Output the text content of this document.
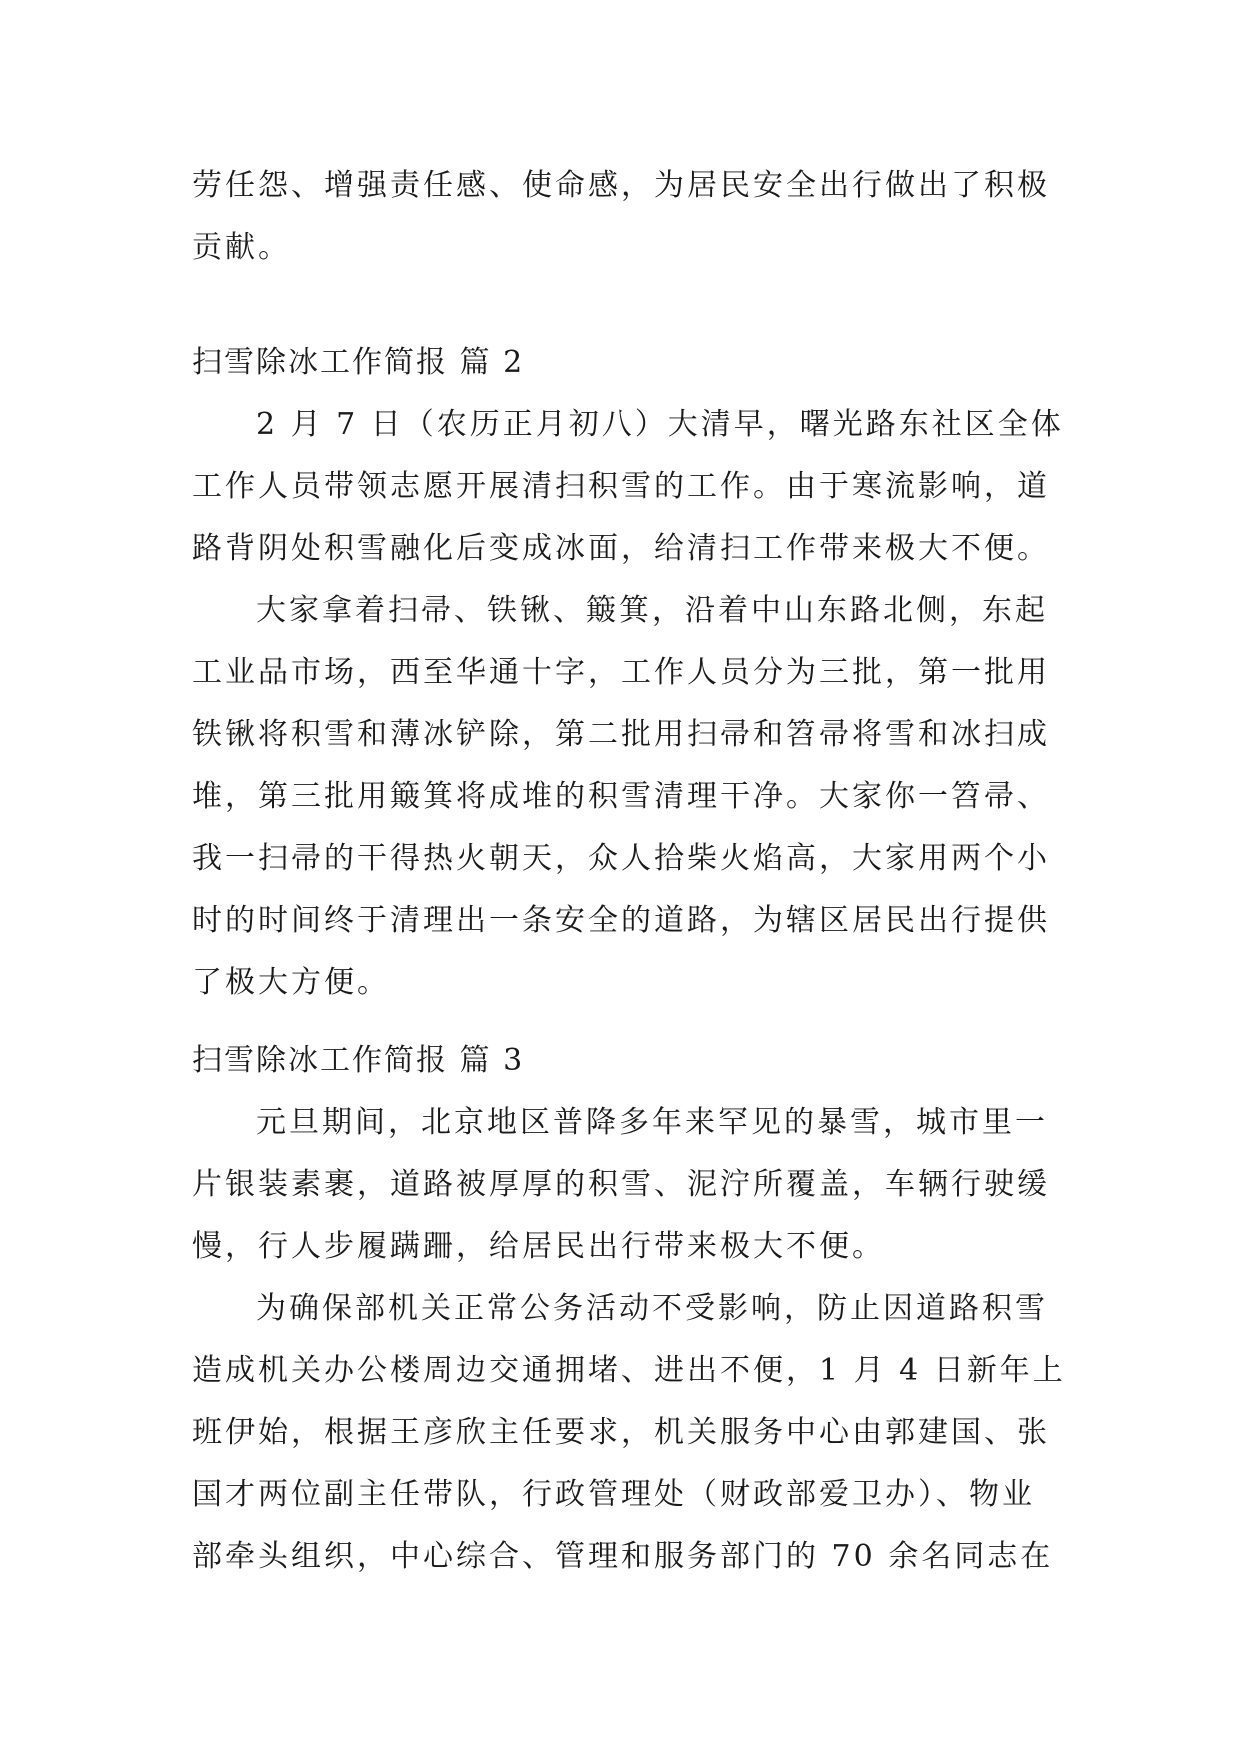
劳任怨、增强责任感、使命感，为居民安全出行做出了积极
贡献。
扫雪除冰工作简报 篇 2
2 月 7 日（农历正月初八）大清早，曙光路东社区全体
工作人员带领志愿开展清扫积雪的工作。由于寒流影响，道
路背阴处积雪融化后变成冰面，给清扫工作带来极大不便。
大家拿着扫帚、铁锹、簸箕，沿着中山东路北侧，东起
工业品市场，西至华通十字，工作人员分为三批，第一批用
铁锹将积雪和薄冰铲除，第二批用扫帚和笤帚将雪和冰扫成
堆，第三批用簸箕将成堆的积雪清理干净。大家你一笤帚、
我一扫帚的干得热火朝天，众人拾柴火焰高，大家用两个小
时的时间终于清理出一条安全的道路，为辖区居民出行提供
了极大方便。
扫雪除冰工作简报 篇 3
元旦期间，北京地区普降多年来罕见的暴雪，城市里一
片银装素裹，道路被厚厚的积雪、泥泞所覆盖，车辆行驶缓
慢，行人步履蹒跚，给居民出行带来极大不便。
为确保部机关正常公务活动不受影响，防止因道路积雪
造成机关办公楼周边交通拥堵、进出不便，1 月 4 日新年上
班伊始，根据王彦欣主任要求，机关服务中心由郭建国、张
国才两位副主任带队，行政管理处（财政部爱卫办）、物业
部牵头组织，中心综合、管理和服务部门的 70 余名同志在
